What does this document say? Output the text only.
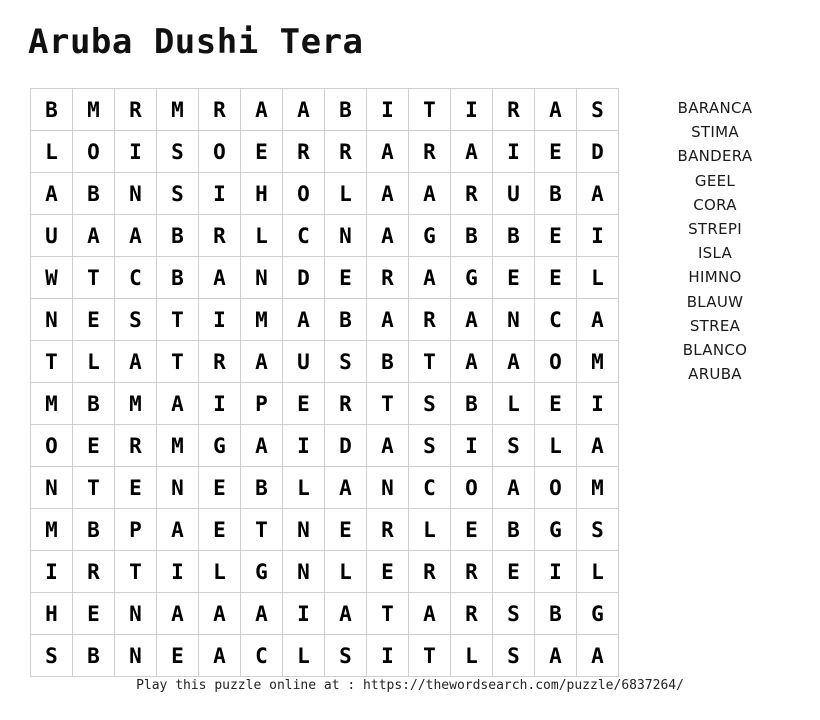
Aruba Dushi Tera
B	M	R	M	R	A	A	B	I	T	I	R	A	S
L	O	I	S	O	E	R	R	A	R	A	I	E	D
A	B	N	S	I	H	O	L	A	A	R	U	B	A
U	A	A	B	R	L	C	N	A	G	B	B	E	I
W	T	C	B	A	N	D	E	R	A	G	E	E	L
N	E	S	T	I	M	A	B	A	R	A	N	C	A
T	L	A	T	R	A	U	S	B	T	A	A	O	M
M	B	M	A	I	P	E	R	T	S	B	L	E	I
O	E	R	M	G	A	I	D	A	S	I	S	L	A
N	T	E	N	E	B	L	A	N	C	O	A	O	M
M	B	P	A	E	T	N	E	R	L	E	B	G	S
I	R	T	I	L	G	N	L	E	R	R	E	I	L
H	E	N	A	A	A	I	A	T	A	R	S	B	G
S	B	N	E	A	C	L	S	I	T	L	S	A	A
BARANCA
STIMA
BANDERA
GEEL
CORA
STREPI
ISLA
HIMNO
BLAUW
STREA
BLANCO
ARUBA
Play this puzzle online at : https://thewordsearch.com/puzzle/6837264/
